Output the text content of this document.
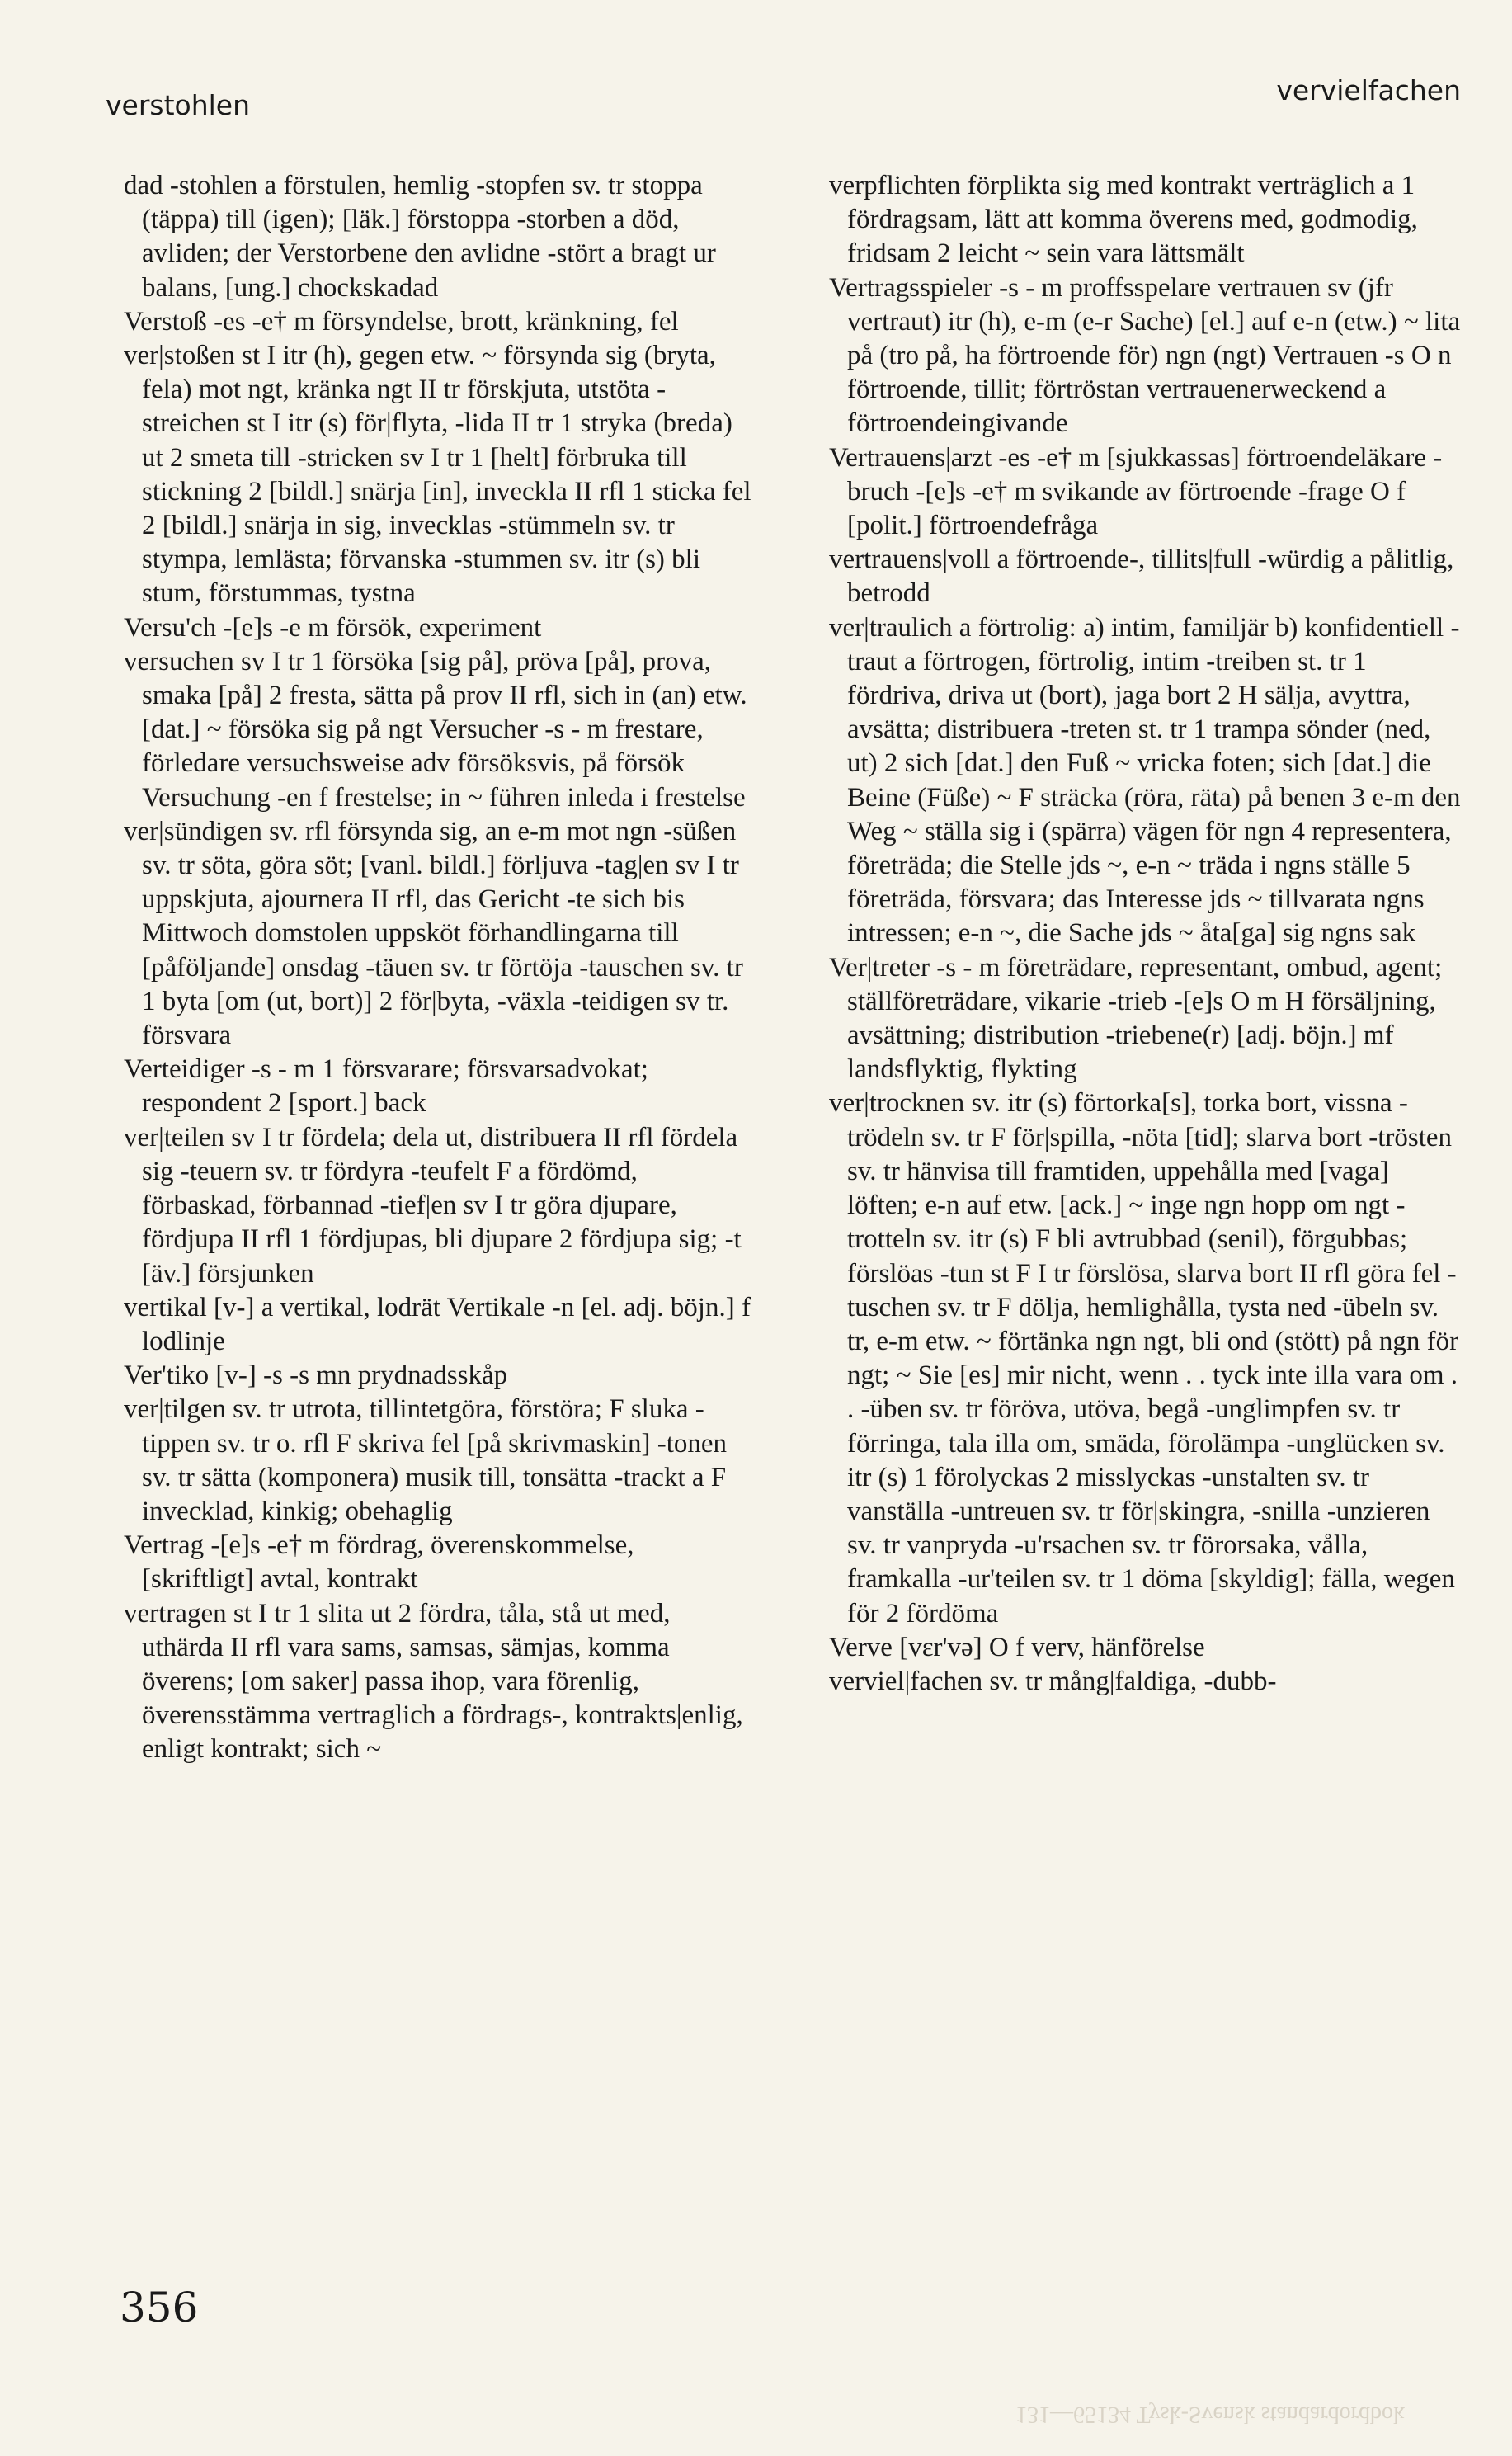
verstohlen	vervielfachen

dad -stohlen a förstulen, hemlig -stopfen sv. tr stoppa (täppa) till (igen); [läk.] förstoppa -storben a död, avliden; der Verstorbene den avlidne -stört a bragt ur balans, [ung.] chockskadad

Verstoß -es -e† m försyndelse, brott, kränkning, fel

ver|stoßen st I itr (h), gegen etw. ~ försynda sig (bryta, fela) mot ngt, kränka ngt II tr förskjuta, utstöta -streichen st I itr (s) för|flyta, -lida II tr 1 stryka (breda) ut 2 smeta till -stricken sv I tr 1 [helt] förbruka till stickning 2 [bildl.] snärja [in], inveckla II rfl 1 sticka fel 2 [bildl.] snärja in sig, invecklas -stümmeln sv. tr stympa, lemlästa; förvanska -stummen sv. itr (s) bli stum, förstummas, tystna

Versu'ch -[e]s -e m försök, experiment

versuchen sv I tr 1 försöka [sig på], pröva [på], prova, smaka [på] 2 fresta, sätta på prov II rfl, sich in (an) etw. [dat.] ~ försöka sig på ngt Versucher -s - m frestare, förledare versuchsweise adv försöksvis, på försök Versuchung -en f frestelse; in ~ führen inleda i frestelse

ver|sündigen sv. rfl försynda sig, an e-m mot ngn -süßen sv. tr söta, göra söt; [vanl. bildl.] förljuva -tag|en sv I tr uppskjuta, ajournera II rfl, das Gericht -te sich bis Mittwoch domstolen uppsköt förhandlingarna till [påföljande] onsdag -täuen sv. tr förtöja -tauschen sv. tr 1 byta [om (ut, bort)] 2 för|byta, -växla -teidigen sv tr. försvara

Verteidiger -s - m 1 försvarare; försvarsadvokat; respondent 2 [sport.] back

ver|teilen sv I tr fördela; dela ut, distribuera II rfl fördela sig -teuern sv. tr fördyra -teufelt F a fördömd, förbaskad, förbannad -tief|en sv I tr göra djupare, fördjupa II rfl 1 fördjupas, bli djupare 2 fördjupa sig; -t [äv.] försjunken

vertikal [v-] a vertikal, lodrät Vertikale -n [el. adj. böjn.] f lodlinje

Ver'tiko [v-] -s -s mn prydnadsskåp

ver|tilgen sv. tr utrota, tillintetgöra, förstöra; F sluka -tippen sv. tr o. rfl F skriva fel [på skrivmaskin] -tonen sv. tr sätta (komponera) musik till, tonsätta -trackt a F invecklad, kinkig; obehaglig

Vertrag -[e]s -e† m fördrag, överenskommelse, [skriftligt] avtal, kontrakt

vertragen st I tr 1 slita ut 2 fördra, tåla, stå ut med, uthärda II rfl vara sams, samsas, sämjas, komma överens; [om saker] passa ihop, vara förenlig, överensstämma vertraglich a fördrags-, kontrakts|enlig, enligt kontrakt; sich ~

verpflichten förplikta sig med kontrakt verträglich a 1 fördragsam, lätt att komma överens med, godmodig, fridsam 2 leicht ~ sein vara lättsmält

Vertragsspieler -s - m proffsspelare vertrauen sv (jfr vertraut) itr (h), e-m (e-r Sache) [el.] auf e-n (etw.) ~ lita på (tro på, ha förtroende för) ngn (ngt) Vertrauen -s O n förtroende, tillit; förtröstan vertrauenerweckend a förtroendeingivande

Vertrauens|arzt -es -e† m [sjukkassas] förtroendeläkare -bruch -[e]s -e† m svikande av förtroende -frage O f [polit.] förtroendefråga

vertrauens|voll a förtroende-, tillits|full -würdig a pålitlig, betrodd

ver|traulich a förtrolig: a) intim, familjär b) konfidentiell -traut a förtrogen, förtrolig, intim -treiben st. tr 1 fördriva, driva ut (bort), jaga bort 2 H sälja, avyttra, avsätta; distribuera -treten st. tr 1 trampa sönder (ned, ut) 2 sich [dat.] den Fuß ~ vricka foten; sich [dat.] die Beine (Füße) ~ F sträcka (röra, räta) på benen 3 e-m den Weg ~ ställa sig i (spärra) vägen för ngn 4 representera, företräda; die Stelle jds ~, e-n ~ träda i ngns ställe 5 företräda, försvara; das Interesse jds ~ tillvarata ngns intressen; e-n ~, die Sache jds ~ åta[ga] sig ngns sak

Ver|treter -s - m företrädare, representant, ombud, agent; ställföreträdare, vikarie -trieb -[e]s O m H försäljning, avsättning; distribution -triebene(r) [adj. böjn.] mf landsflyktig, flykting

ver|trocknen sv. itr (s) förtorka[s], torka bort, vissna -trödeln sv. tr F för|spilla, -nöta [tid]; slarva bort -trösten sv. tr hänvisa till framtiden, uppehålla med [vaga] löften; e-n auf etw. [ack.] ~ inge ngn hopp om ngt -trotteln sv. itr (s) F bli avtrubbad (senil), förgubbas; förslöas -tun st F I tr förslösa, slarva bort II rfl göra fel -tuschen sv. tr F dölja, hemlighålla, tysta ned -übeln sv. tr, e-m etw. ~ förtänka ngn ngt, bli ond (stött) på ngn för ngt; ~ Sie [es] mir nicht, wenn . . tyck inte illa vara om . . -üben sv. tr föröva, utöva, begå -unglimpfen sv. tr förringa, tala illa om, smäda, förolämpa -unglücken sv. itr (s) 1 förolyckas 2 misslyckas -unstalten sv. tr vanställa -untreuen sv. tr för|skingra, -snilla -unzieren sv. tr vanpryda -u'rsachen sv. tr förorsaka, vålla, framkalla -ur'teilen sv. tr 1 döma [skyldig]; fälla, wegen för 2 fördöma

Verve [vɛr'və] O f verv, hänförelse

verviel|fachen sv. tr mång|faldiga, -dubb-

356
131—65134 Tysk-Svensk standardordbok
